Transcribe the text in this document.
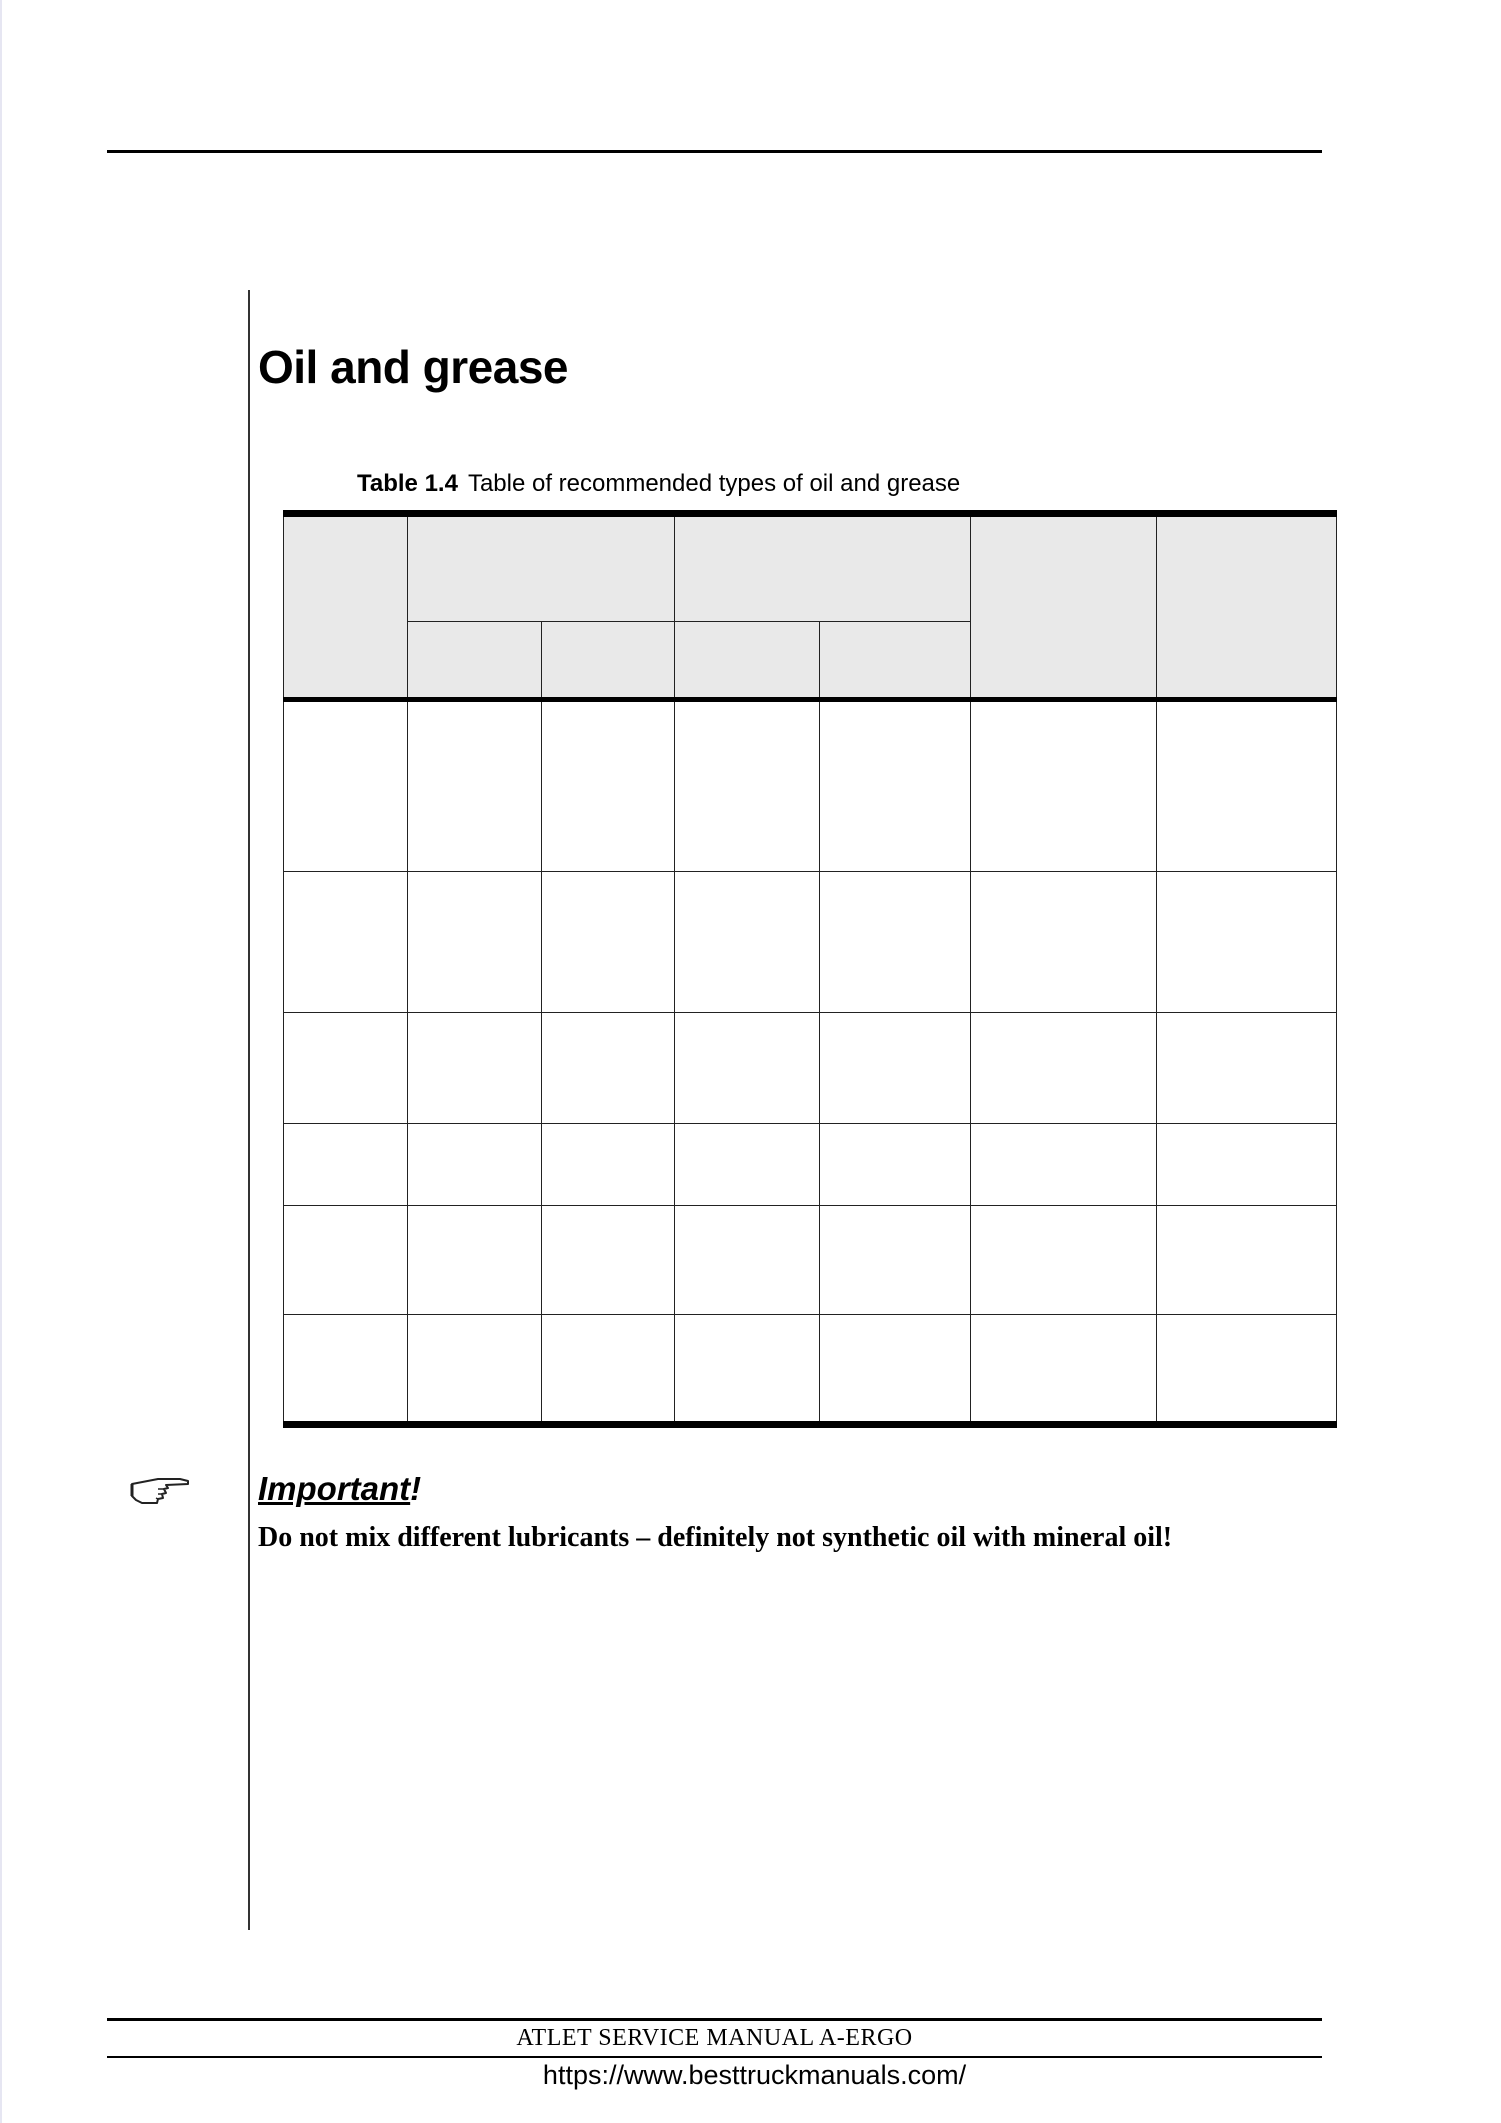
Oil and grease
Table 1.4 Table of recommended types of oil and grease

Important!
Do not mix different lubricants – definitely not synthetic oil with mineral oil!
ATLET SERVICE MANUAL A-ERGO
https://www.besttruckmanuals.com/
